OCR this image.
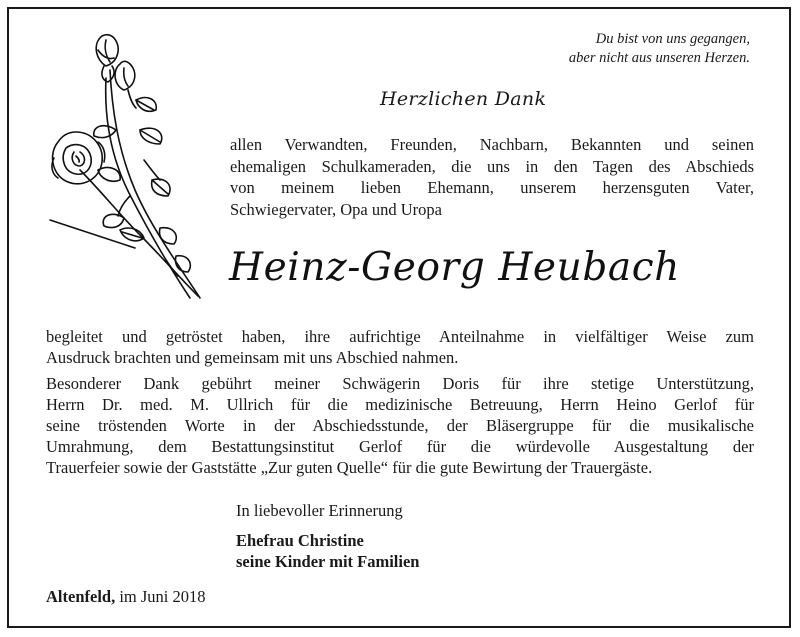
Du bist von uns gegangen,
aber nicht aus unseren Herzen.
Herzlichen Dank
allen Verwandten, Freunden, Nachbarn, Bekannten und seinen
ehemaligen Schulkameraden, die uns in den Tagen des Abschieds
von meinem lieben Ehemann, unserem herzensguten Vater,
Schwiegervater, Opa und Uropa
Heinz-Georg Heubach
begleitet und getröstet haben, ihre aufrichtige Anteilnahme in vielfältiger Weise zum
Ausdruck brachten und gemeinsam mit uns Abschied nahmen.
Besonderer Dank gebührt meiner Schwägerin Doris für ihre stetige Unterstützung,
Herrn Dr. med. M. Ullrich für die medizinische Betreuung, Herrn Heino Gerlof für
seine tröstenden Worte in der Abschiedsstunde, der Bläsergruppe für die musikalische
Umrahmung, dem Bestattungsinstitut Gerlof für die würdevolle Ausgestaltung der
Trauerfeier sowie der Gaststätte „Zur guten Quelle“ für die gute Bewirtung der Trauergäste.
In liebevoller Erinnerung
Ehefrau Christine
seine Kinder mit Familien
Altenfeld, im Juni 2018
